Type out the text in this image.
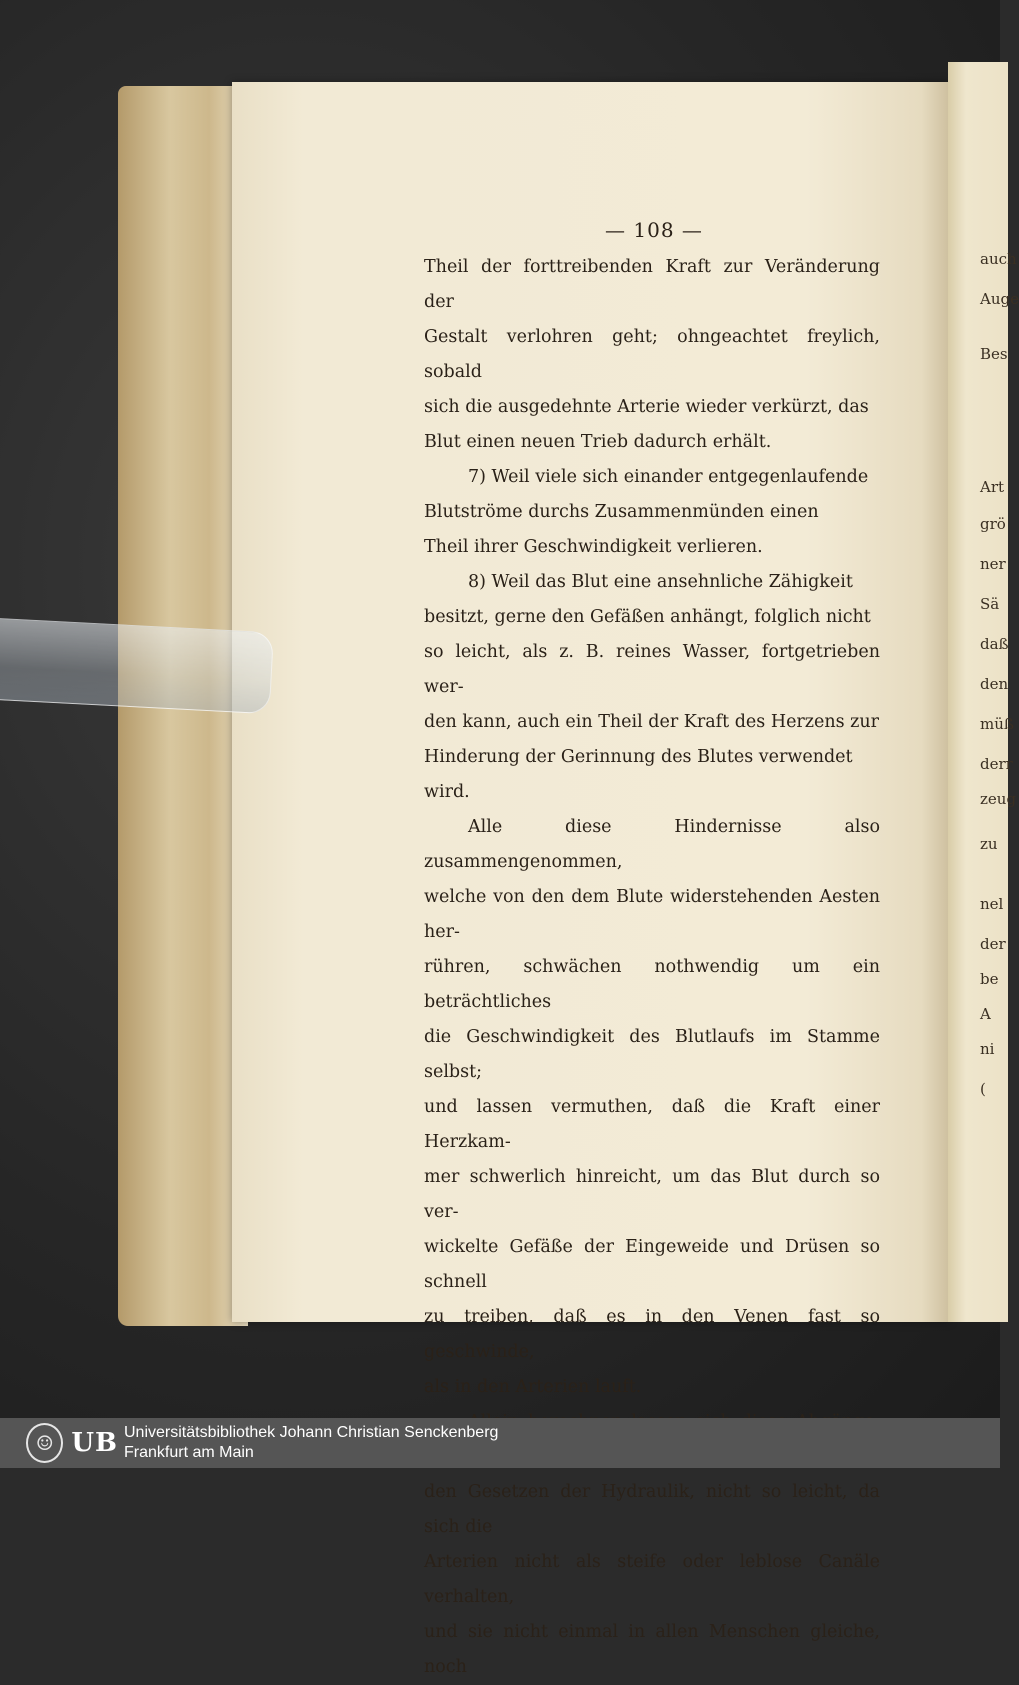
auch
Auge
Bes
Art
grö
ner
Sä
daß
den
müß
derr
zeug
zu
nel
der
be
A
ni
(
— 108 —

Theil der forttreibenden Kraft zur Veränderung der

Gestalt verlohren geht; ohngeachtet freylich, sobald

sich die ausgedehnte Arterie wieder verkürzt, das

Blut einen neuen Trieb dadurch erhält.

7) Weil viele sich einander entgegenlaufende

Blutströme durchs Zusammenmünden einen

Theil ihrer Geschwindigkeit verlieren.

8) Weil das Blut eine ansehnliche Zähigkeit

besitzt, gerne den Gefäßen anhängt, folglich nicht

so leicht, als z. B. reines Wasser, fortgetrieben wer-

den kann, auch ein Theil der Kraft des Herzens zur

Hinderung der Gerinnung des Blutes verwendet

wird.

Alle diese Hindernisse also zusammengenommen,

welche von den dem Blute widerstehenden Aesten her-

rühren, schwächen nothwendig um ein beträchtliches

die Geschwindigkeit des Blutlaufs im Stamme selbst;

und lassen vermuthen, daß die Kraft einer Herzkam-

mer schwerlich hinreicht, um das Blut durch so ver-

wickelte Gefäße der Eingeweide und Drüsen so schnell

zu treiben, daß es in den Venen fast so geschwinde,

als in den Arterien lauft.

den Gesetzen der Hydraulik, nicht so leicht, da sich die

Arterien nicht als steife oder leblose Canäle verhalten,

und sie nicht einmal in allen Menschen gleiche, noch

☺ UB Universitätsbibliothek Johann Christian Senckenberg
Frankfurt am Main
